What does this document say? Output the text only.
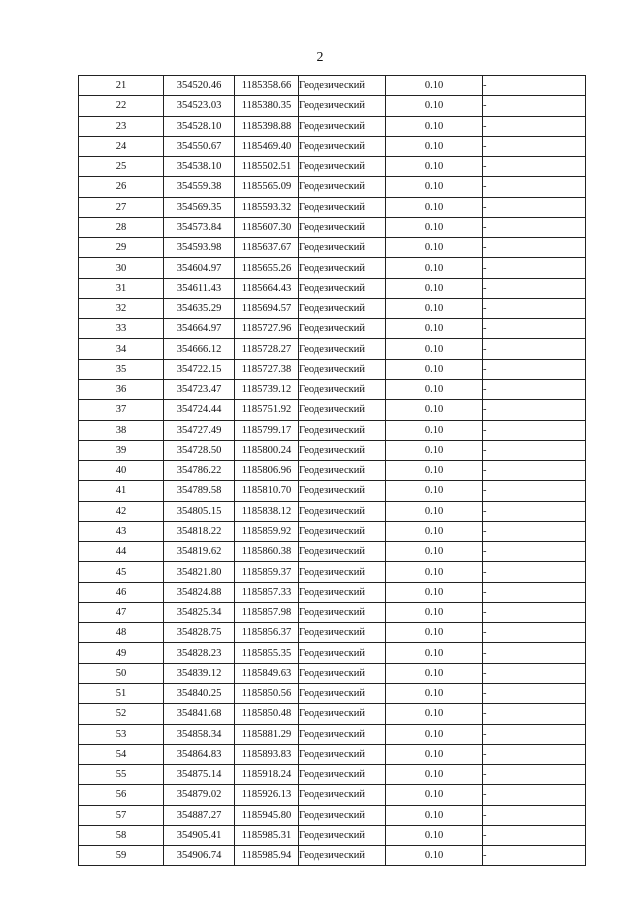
2
21	354520.46	1185358.66	Геодезический	0.10	-
22	354523.03	1185380.35	Геодезический	0.10	-
23	354528.10	1185398.88	Геодезический	0.10	-
24	354550.67	1185469.40	Геодезический	0.10	-
25	354538.10	1185502.51	Геодезический	0.10	-
26	354559.38	1185565.09	Геодезический	0.10	-
27	354569.35	1185593.32	Геодезический	0.10	-
28	354573.84	1185607.30	Геодезический	0.10	-
29	354593.98	1185637.67	Геодезический	0.10	-
30	354604.97	1185655.26	Геодезический	0.10	-
31	354611.43	1185664.43	Геодезический	0.10	-
32	354635.29	1185694.57	Геодезический	0.10	-
33	354664.97	1185727.96	Геодезический	0.10	-
34	354666.12	1185728.27	Геодезический	0.10	-
35	354722.15	1185727.38	Геодезический	0.10	-
36	354723.47	1185739.12	Геодезический	0.10	-
37	354724.44	1185751.92	Геодезический	0.10	-
38	354727.49	1185799.17	Геодезический	0.10	-
39	354728.50	1185800.24	Геодезический	0.10	-
40	354786.22	1185806.96	Геодезический	0.10	-
41	354789.58	1185810.70	Геодезический	0.10	-
42	354805.15	1185838.12	Геодезический	0.10	-
43	354818.22	1185859.92	Геодезический	0.10	-
44	354819.62	1185860.38	Геодезический	0.10	-
45	354821.80	1185859.37	Геодезический	0.10	-
46	354824.88	1185857.33	Геодезический	0.10	-
47	354825.34	1185857.98	Геодезический	0.10	-
48	354828.75	1185856.37	Геодезический	0.10	-
49	354828.23	1185855.35	Геодезический	0.10	-
50	354839.12	1185849.63	Геодезический	0.10	-
51	354840.25	1185850.56	Геодезический	0.10	-
52	354841.68	1185850.48	Геодезический	0.10	-
53	354858.34	1185881.29	Геодезический	0.10	-
54	354864.83	1185893.83	Геодезический	0.10	-
55	354875.14	1185918.24	Геодезический	0.10	-
56	354879.02	1185926.13	Геодезический	0.10	-
57	354887.27	1185945.80	Геодезический	0.10	-
58	354905.41	1185985.31	Геодезический	0.10	-
59	354906.74	1185985.94	Геодезический	0.10	-
